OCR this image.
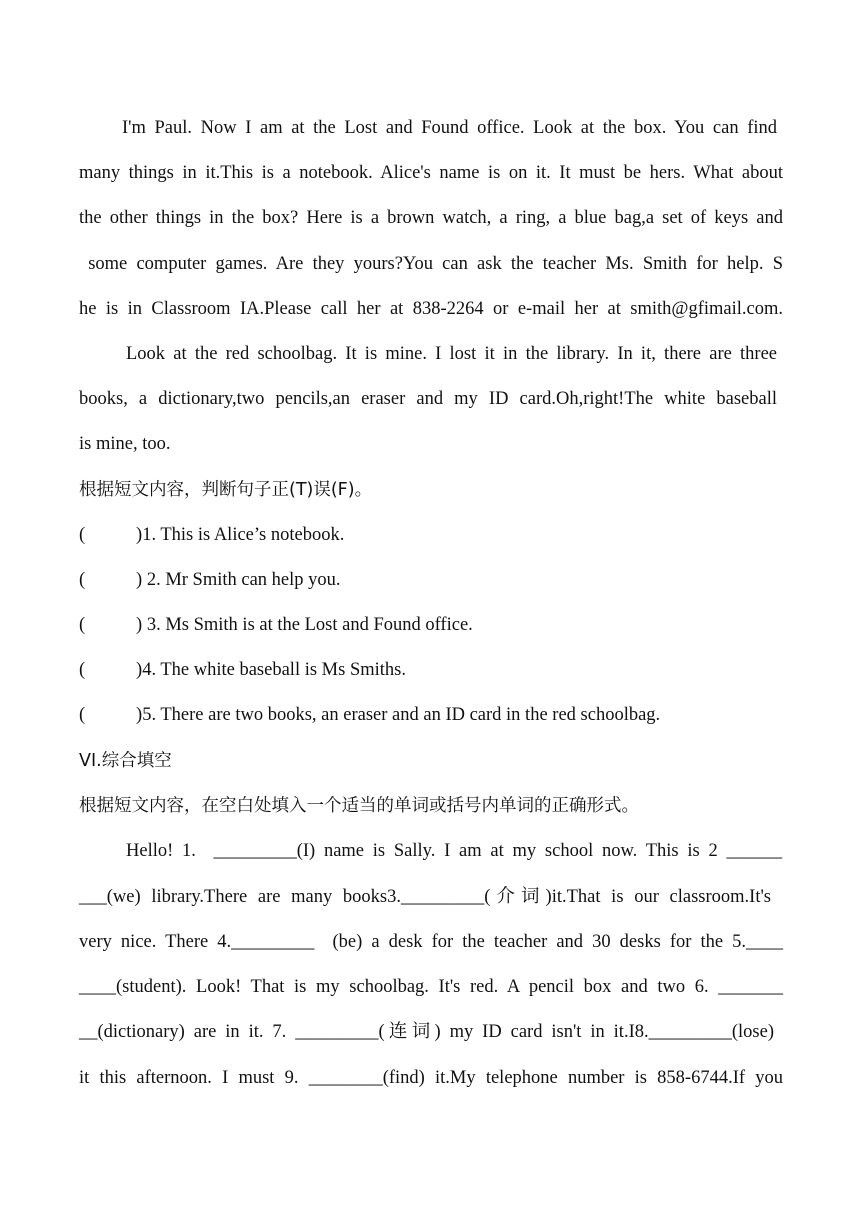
I'm Paul. Now I am at the Lost and Found office. Look at the box. You can find
many things in it.This is a notebook. Alice's name is on it. It must be hers. What about
the other things in the box? Here is a brown watch, a ring, a blue bag,a set of keys and
some computer games. Are they yours?You can ask the teacher Ms. Smith for help. S
he is in Classroom IA.Please call her at 838-2264 or e-mail her at smith@gfimail.com.
Look at the red schoolbag. It is mine. I lost it in the library. In it, there are three
books, a dictionary,two pencils,an eraser and my ID card.Oh,right!The white baseball
is mine, too.
根据短文内容，判断句子正(T)误(F)。
(           )1. This is Alice’s notebook.
(           ) 2. Mr Smith can help you.
(           ) 3. Ms Smith is at the Lost and Found office.
(           )4. The white baseball is Ms Smiths.
(           )5. There are two books, an eraser and an ID card in the red schoolbag.
VI.综合填空
根据短文内容，在空白处填入一个适当的单词或括号内单词的正确形式。
Hello! 1.  _________(I) name is Sally. I am at my school now. This is 2 ______
___(we) library.There are many books3._________(介词)it.That is our classroom.It's
very nice. There 4._________  (be) a desk for the teacher and 30 desks for the 5.____
____(student). Look! That is my schoolbag. It's red. A pencil box and two 6. _______
__(dictionary) are in it. 7. _________(连词) my ID card isn't in it.I8._________(lose)
it this afternoon. I must 9. ________(find) it.My telephone number is 858-6744.If you
